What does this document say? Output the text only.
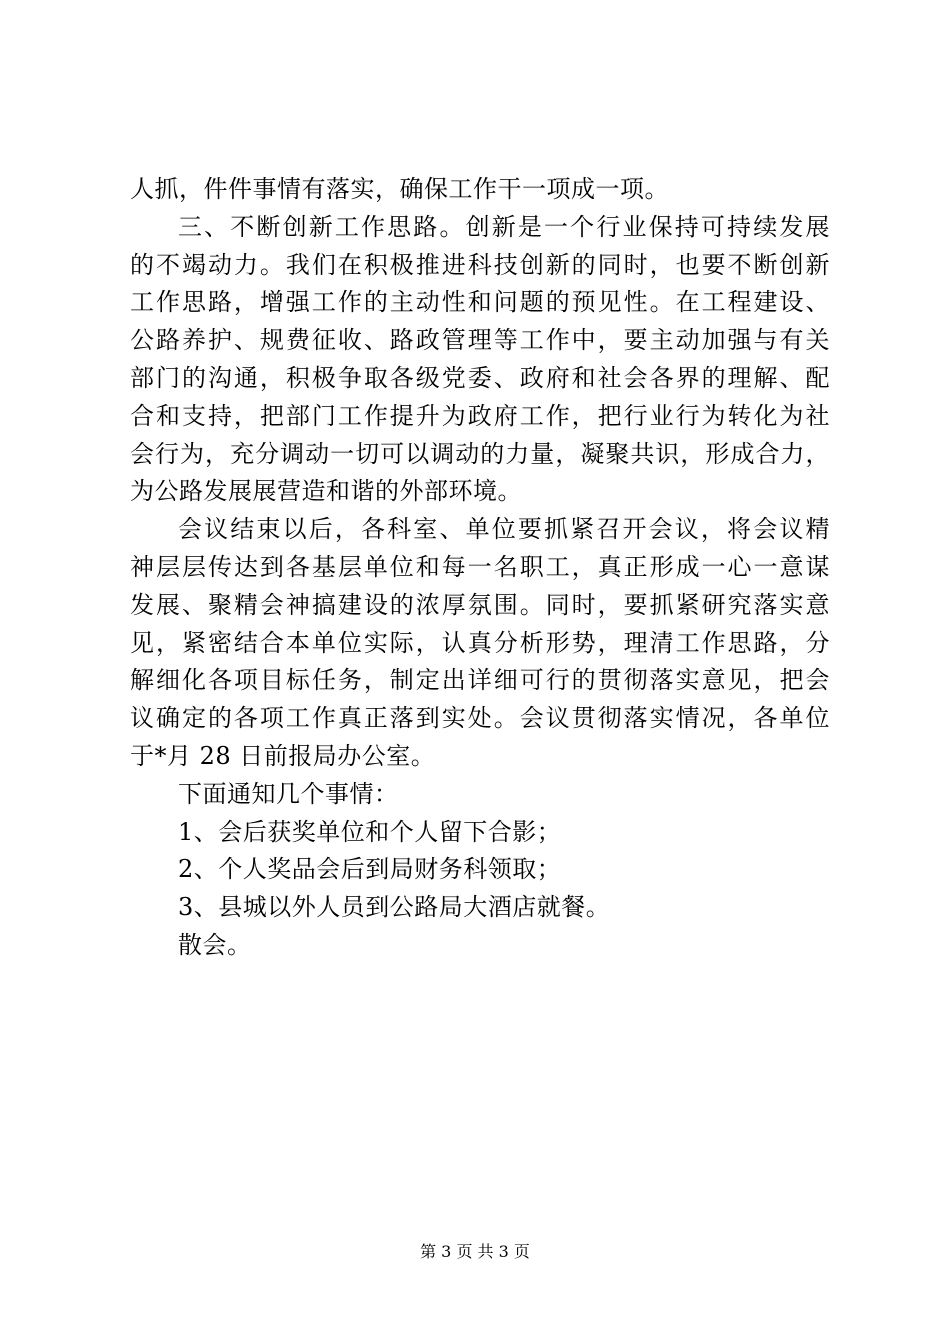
人抓，件件事情有落实，确保工作干一项成一项。
三、不断创新工作思路。创新是一个行业保持可持续发展
的不竭动力。我们在积极推进科技创新的同时，也要不断创新
工作思路，增强工作的主动性和问题的预见性。在工程建设、
公路养护、规费征收、路政管理等工作中，要主动加强与有关
部门的沟通，积极争取各级党委、政府和社会各界的理解、配
合和支持，把部门工作提升为政府工作，把行业行为转化为社
会行为，充分调动一切可以调动的力量，凝聚共识，形成合力，
为公路发展展营造和谐的外部环境。
会议结束以后，各科室、单位要抓紧召开会议，将会议精
神层层传达到各基层单位和每一名职工，真正形成一心一意谋
发展、聚精会神搞建设的浓厚氛围。同时，要抓紧研究落实意
见，紧密结合本单位实际，认真分析形势，理清工作思路，分
解细化各项目标任务，制定出详细可行的贯彻落实意见，把会
议确定的各项工作真正落到实处。会议贯彻落实情况，各单位
于*月 28 日前报局办公室。
下面通知几个事情：
1、会后获奖单位和个人留下合影；
2、个人奖品会后到局财务科领取；
3、县城以外人员到公路局大酒店就餐。
散会。
第 3 页 共 3 页
